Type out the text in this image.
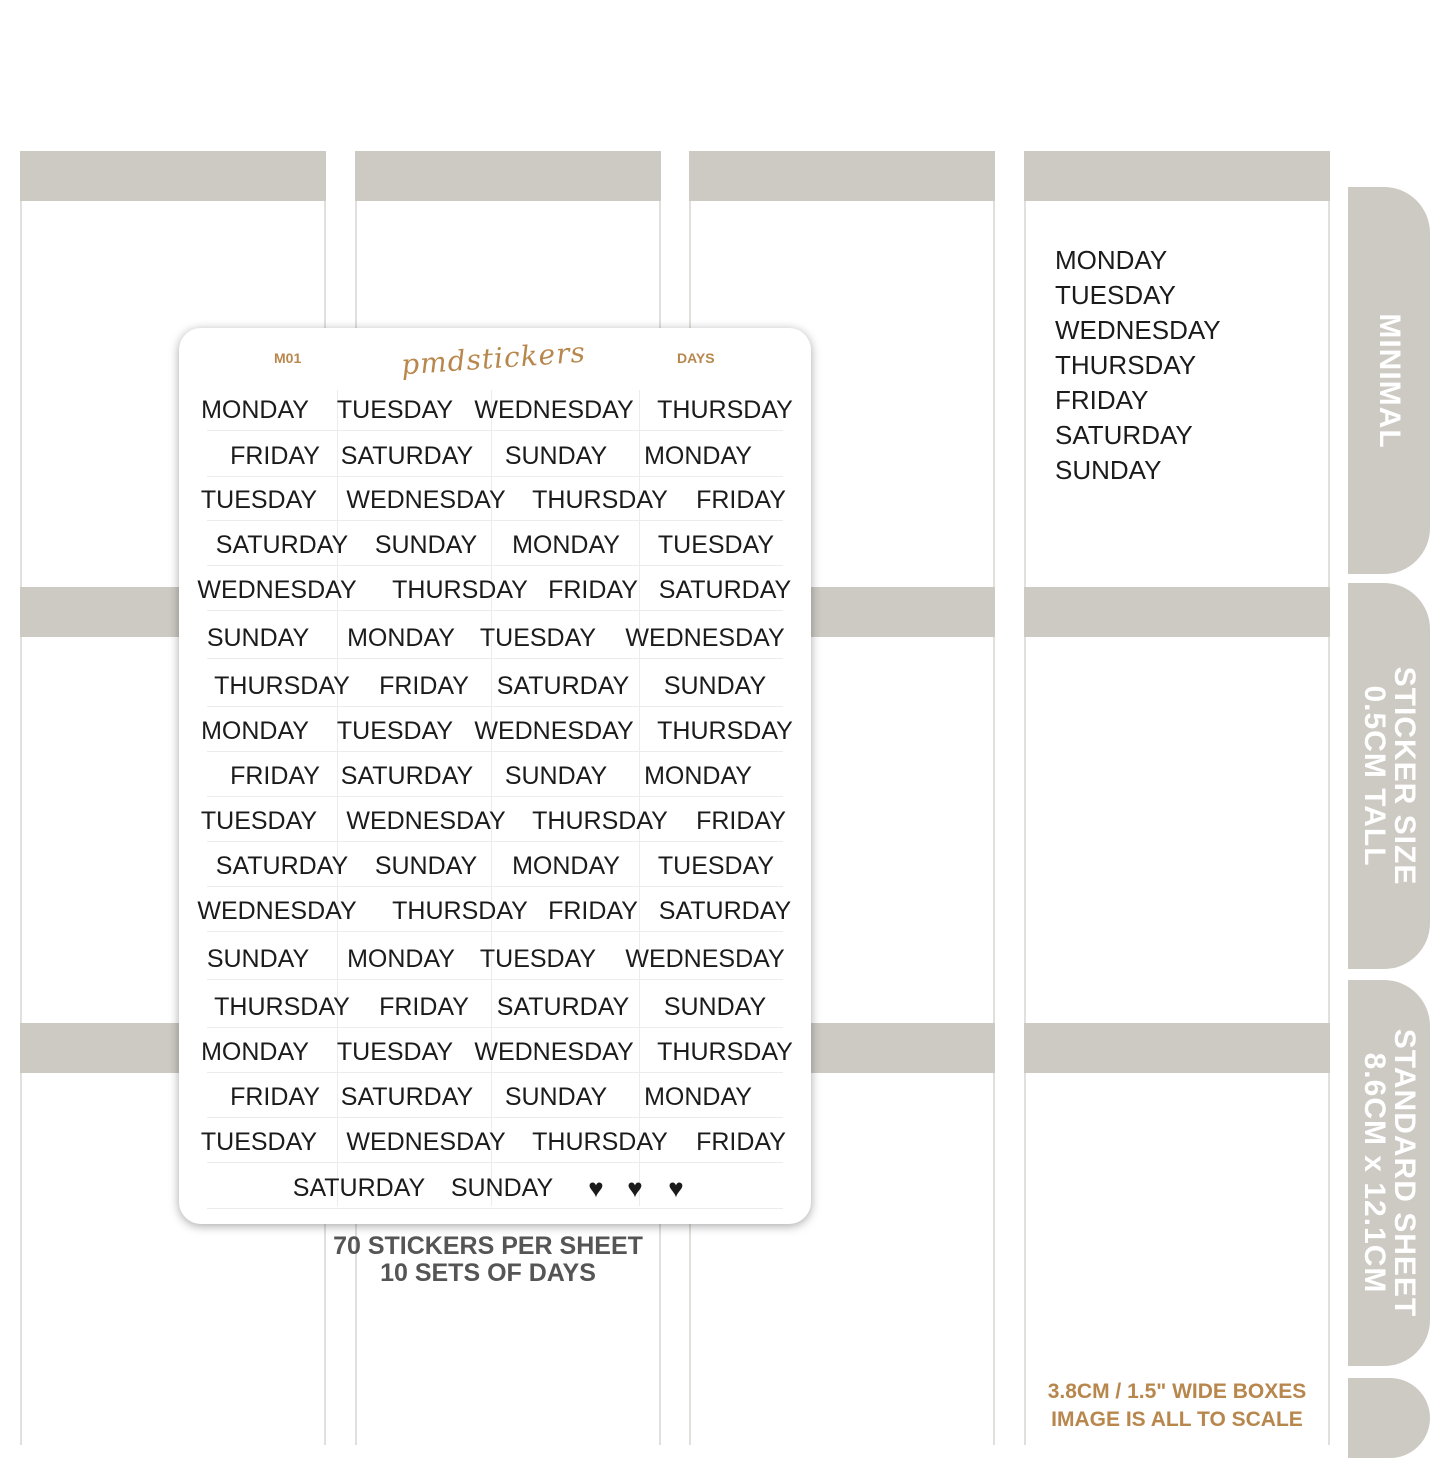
MONDAY
TUESDAY
WEDNESDAY
THURSDAY
FRIDAY
SATURDAY
SUNDAY
MINIMAL
STICKER SIZE
0.5CM TALL
STANDARD SHEET
8.6CM x 12.1CM
M01	pmdstickers	DAYS
MONDAY TUESDAY WEDNESDAY THURSDAY
FRIDAY SATURDAY SUNDAY MONDAY
TUESDAY WEDNESDAY THURSDAY FRIDAY
SATURDAY SUNDAY MONDAY TUESDAY
WEDNESDAY THURSDAY FRIDAY SATURDAY
SUNDAY MONDAY TUESDAY WEDNESDAY
THURSDAY FRIDAY SATURDAY SUNDAY
MONDAY TUESDAY WEDNESDAY THURSDAY
FRIDAY SATURDAY SUNDAY MONDAY
TUESDAY WEDNESDAY THURSDAY FRIDAY
SATURDAY SUNDAY MONDAY TUESDAY
WEDNESDAY THURSDAY FRIDAY SATURDAY
SUNDAY MONDAY TUESDAY WEDNESDAY
THURSDAY FRIDAY SATURDAY SUNDAY
MONDAY TUESDAY WEDNESDAY THURSDAY
FRIDAY SATURDAY SUNDAY MONDAY
TUESDAY WEDNESDAY THURSDAY FRIDAY
SATURDAY SUNDAY ♥ ♥ ♥
70 STICKERS PER SHEET
10 SETS OF DAYS
3.8CM / 1.5" WIDE BOXES
IMAGE IS ALL TO SCALE
